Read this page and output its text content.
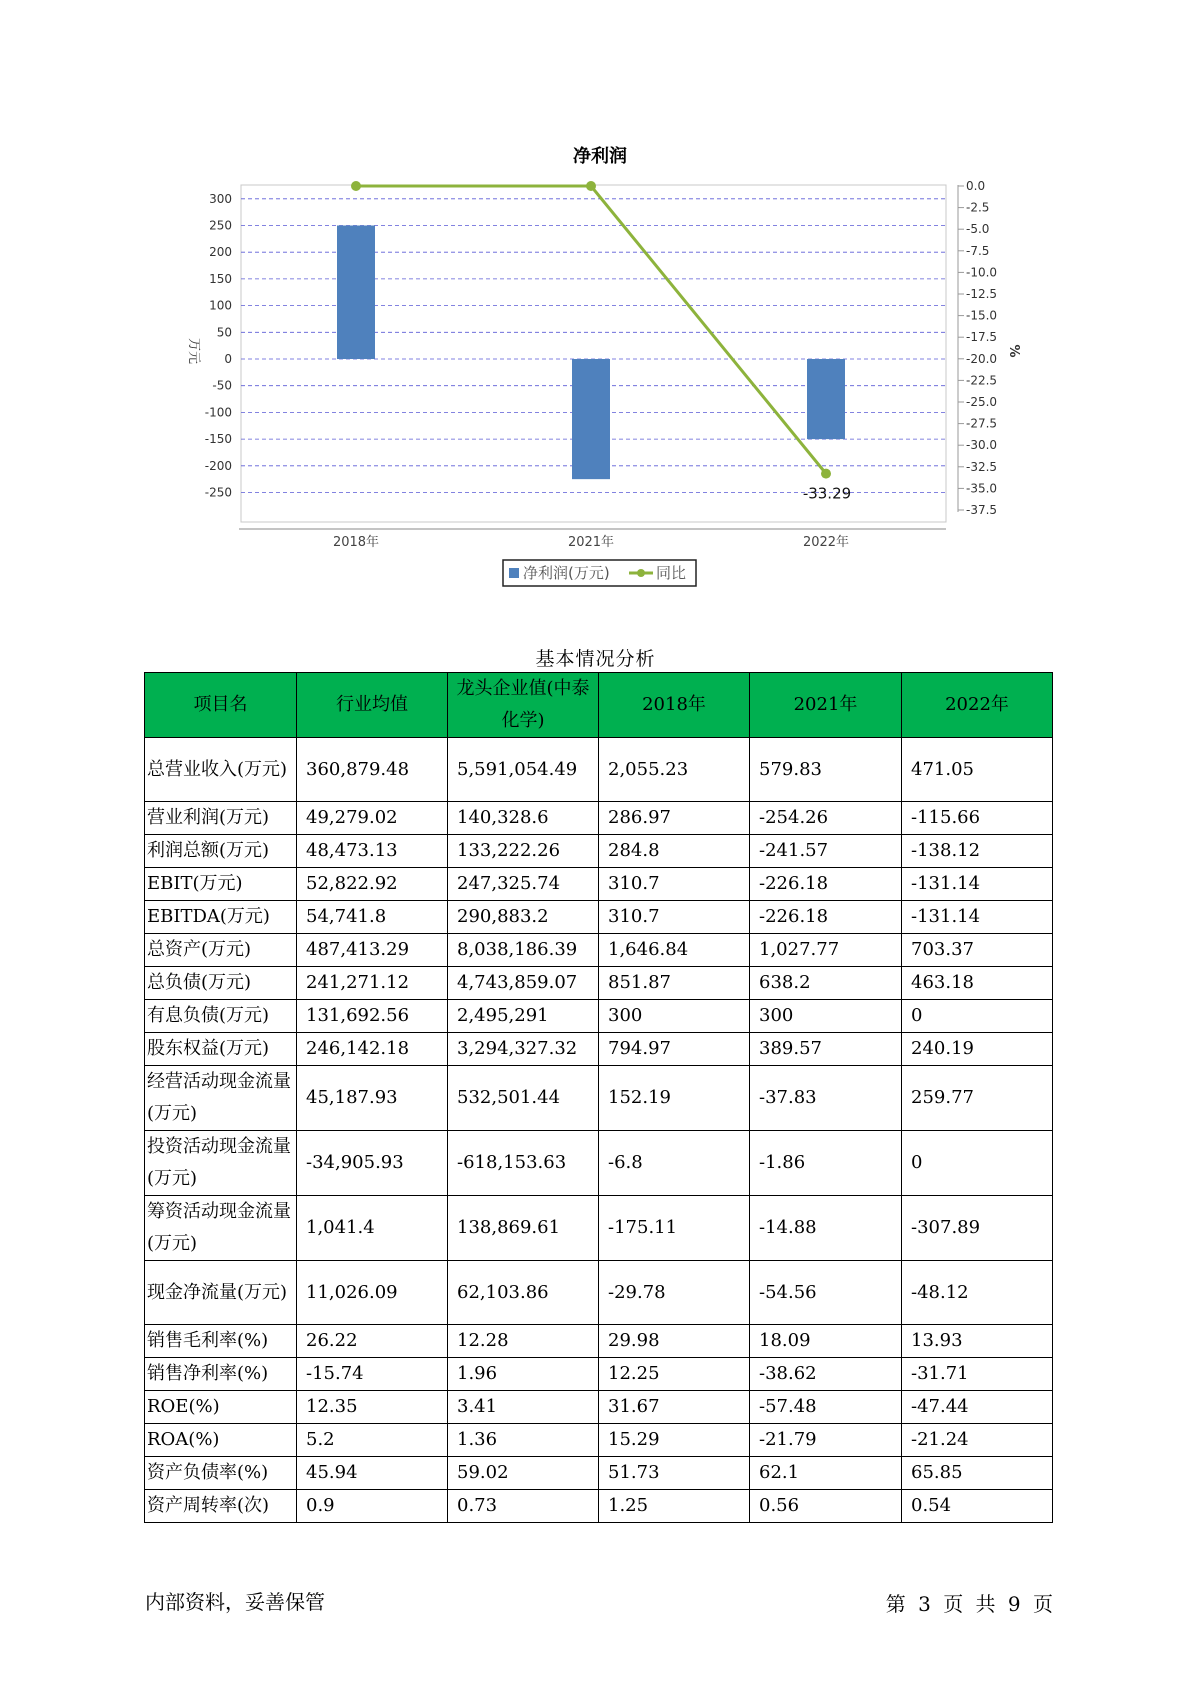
净利润
300
250
200
150
100
50
0
-50
-100
-150
-200
-250
万元
0.0
-2.5
-5.0
-7.5
-10.0
-12.5
-15.0
-17.5
-20.0
-22.5
-25.0
-27.5
-30.0
-32.5
-35.0
-37.5
%
2018年	2021年	2022年
-33.29
净利润(万元)	同比
基本情况分析
项目名	行业均值	龙头企业值(中泰化学)	2018年	2021年	2022年
总营业收入(万元)	360,879.48	5,591,054.49	2,055.23	579.83	471.05
营业利润(万元)	49,279.02	140,328.6	286.97	-254.26	-115.66
利润总额(万元)	48,473.13	133,222.26	284.8	-241.57	-138.12
EBIT(万元)	52,822.92	247,325.74	310.7	-226.18	-131.14
EBITDA(万元)	54,741.8	290,883.2	310.7	-226.18	-131.14
总资产(万元)	487,413.29	8,038,186.39	1,646.84	1,027.77	703.37
总负债(万元)	241,271.12	4,743,859.07	851.87	638.2	463.18
有息负债(万元)	131,692.56	2,495,291	300	300	0
股东权益(万元)	246,142.18	3,294,327.32	794.97	389.57	240.19
经营活动现金流量(万元)	45,187.93	532,501.44	152.19	-37.83	259.77
投资活动现金流量(万元)	-34,905.93	-618,153.63	-6.8	-1.86	0
筹资活动现金流量(万元)	1,041.4	138,869.61	-175.11	-14.88	-307.89
现金净流量(万元)	11,026.09	62,103.86	-29.78	-54.56	-48.12
销售毛利率(%)	26.22	12.28	29.98	18.09	13.93
销售净利率(%)	-15.74	1.96	12.25	-38.62	-31.71
ROE(%)	12.35	3.41	31.67	-57.48	-47.44
ROA(%)	5.2	1.36	15.29	-21.79	-21.24
资产负债率(%)	45.94	59.02	51.73	62.1	65.85
资产周转率(次)	0.9	0.73	1.25	0.56	0.54
内部资料，妥善保管	第 3 页 共 9 页
